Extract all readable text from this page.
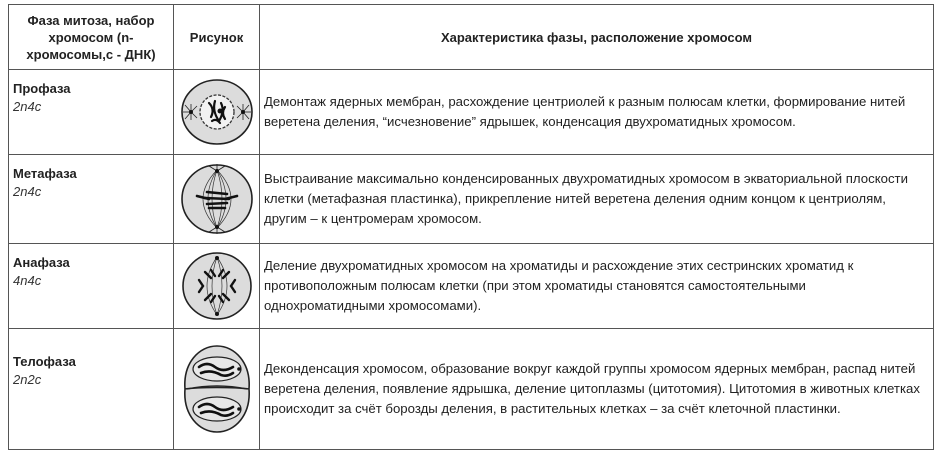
Фаза митоза, набор хромосом (n-хромосомы,с - ДНК)	Рисунок	Характеристика фазы, расположение хромосом

Профаза
2n4c		Демонтаж ядерных мембран, расхождение центриолей к разным полюсам клетки, формирование нитей веретена деления, “исчезновение” ядрышек, конденсация двухроматидных хромосом.

Метафаза
2n4c		Выстраивание максимально конденсированных двухроматидных хромосом в экваториальной плоскости клетки (метафазная пластинка), прикрепление нитей веретена деления одним концом к центриолям, другим – к центромерам хромосом.

Анафаза
4n4c		Деление двухроматидных хромосом на хроматиды и расхождение этих сестринских хроматид к противоположным полюсам клетки (при этом хроматиды становятся самостоятельными однохроматидными хромосомами).

Телофаза
2n2c		Деконденсация хромосом, образование вокруг каждой группы хромосом ядерных мембран, распад нитей веретена деления, появление ядрышка, деление цитоплазмы (цитотомия). Цитотомия в животных клетках происходит за счёт борозды деления, в растительных клетках – за счёт клеточной пластинки.
